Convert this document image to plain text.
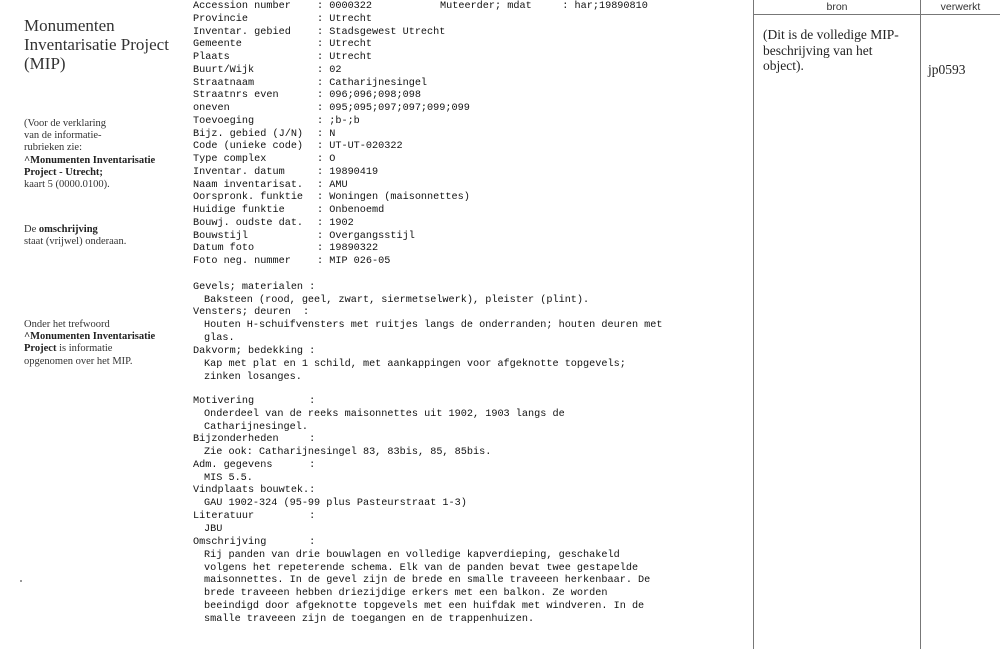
Monumenten Inventarisatie Project (MIP)
(Voor de verklaring
van de informatie-
rubrieken zie:
^Monumenten Inventarisatie
Project - Utrecht;
kaart 5 (0000.0100).
De omschrijving
staat (vrijwel) onderaan.
Onder het trefwoord
^Monumenten Inventarisatie
Project is informatie
opgenomen over het MIP.
Muteerder; mdat	: har;19890810
Accession number	: 0000322
Provincie	: Utrecht
Inventar. gebied	: Stadsgewest Utrecht
Gemeente	: Utrecht
Plaats	: Utrecht
Buurt/Wijk	: 02
Straatnaam	: Catharijnesingel
Straatnrs even	: 096;096;098;098
oneven	: 095;095;097;097;099;099
Toevoeging	: ;b-;b
Bijz. gebied (J/N)	: N
Code (unieke code)	: UT-UT-020322
Type complex	: O
Inventar. datum	: 19890419
Naam inventarisat.	: AMU
Oorspronk. funktie	: Woningen (maisonnettes)
Huidige funktie	: Onbenoemd
Bouwj. oudste dat.	: 1902
Bouwstijl	: Overgangsstijl
Datum foto	: 19890322
Foto neg. nummer	: MIP 026-05
Gevels; materialen :
Baksteen (rood, geel, zwart, siermetselwerk), pleister (plint).
Vensters; deuren  :
Houten H-schuifvensters met ruitjes langs de onderranden; houten deuren met
glas.
Dakvorm; bedekking :
Kap met plat en 1 schild, met aankappingen voor afgeknotte topgevels;
zinken losanges.
Motivering         :
Onderdeel van de reeks maisonnettes uit 1902, 1903 langs de
Catharijnesingel.
Bijzonderheden     :
Zie ook: Catharijnesingel 83, 83bis, 85, 85bis.
Adm. gegevens      :
MIS 5.5.
Vindplaats bouwtek.:
GAU 1902-324 (95-99 plus Pasteurstraat 1-3)
Literatuur         :
JBU
Omschrijving       :
Rij panden van drie bouwlagen en volledige kapverdieping, geschakeld
volgens het repeterende schema. Elk van de panden bevat twee gestapelde
maisonnettes. In de gevel zijn de brede en smalle traveeen herkenbaar. De
brede traveeen hebben driezijdige erkers met een balkon. Ze worden
beeindigd door afgeknotte topgevels met een huifdak met windveren. In de
smalle traveeen zijn de toegangen en de trappenhuizen.
bron	verwerkt
(Dit is de volledige MIP-beschrijving van het object).	jp0593
